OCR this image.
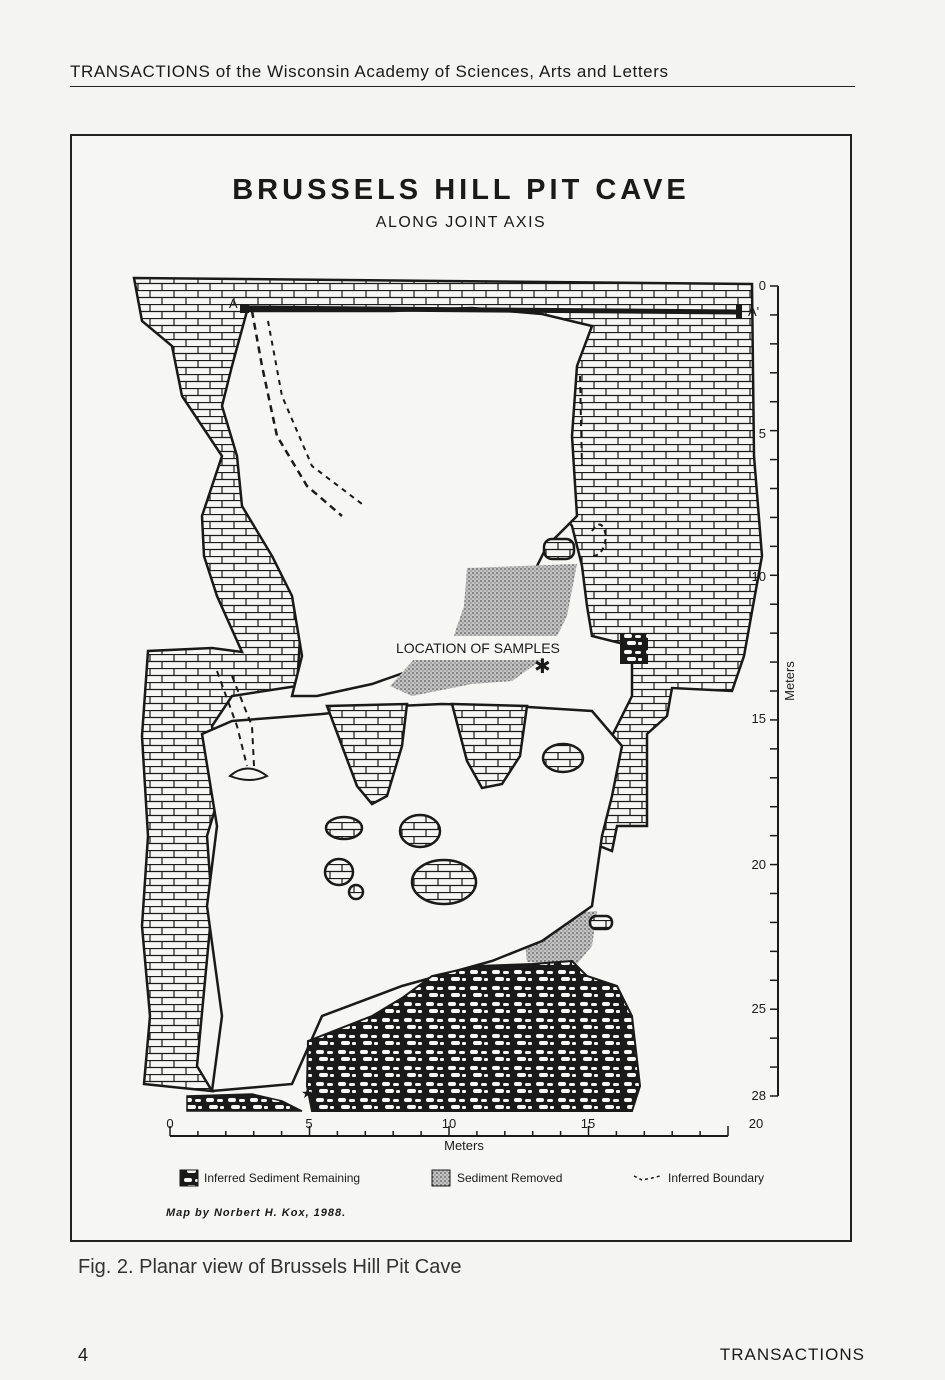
TRANSACTIONS of the Wisconsin Academy of Sciences, Arts and Letters
BRUSSELS HILL PIT CAVE
ALONG JOINT AXIS
A
A'
LOCATION OF SAMPLES
✱
★
0	5	10	15	20
Meters
0
5
10
15
20
25
28
Meters
Inferred Sediment Remaining	Sediment Removed	Inferred Boundary
Map by Norbert H. Kox, 1988.
Fig. 2. Planar view of Brussels Hill Pit Cave
4	TRANSACTIONS
